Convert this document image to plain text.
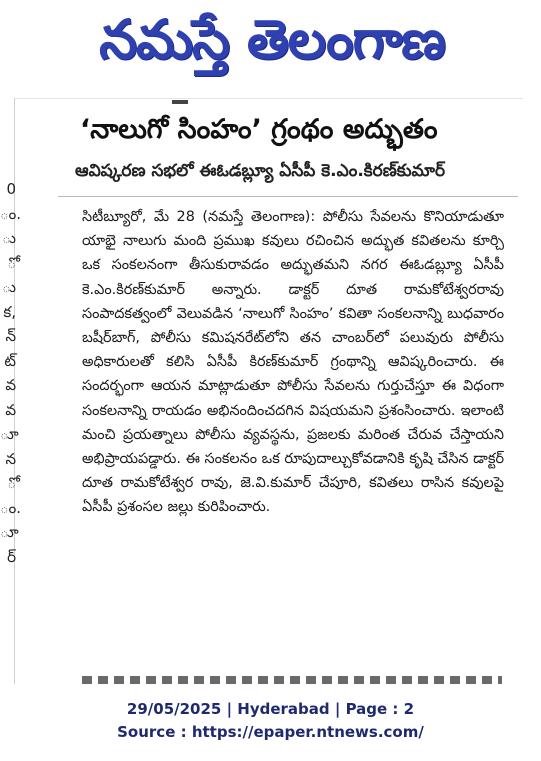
నమస్తే తెలంగాణ
0
ం.
ు
ో
ు
క,
న్
ట్
వ
వ
ూ
న
ో
ం.
ూ
ర్
‘నాలుగో సింహం’ గ్రంథం అద్భుతం
ఆవిష్కరణ సభలో ఈఓడబ్ల్యూ ఏసీపీ కె.ఎం.కిరణ్‌కుమార్

సిటీబ్యూరో, మే 28 (నమస్తే తెలంగాణ): పోలీసు సేవలను కొనియాడుతూ యాభై నాలుగు మంది ప్రముఖ కవులు రచించిన అద్భుత కవితలను కూర్చి ఒక సంకలనంగా తీసుకురావడం అద్భుతమని నగర ఈఓడబ్ల్యూ ఏసీపీ కె.ఎం.కిరణ్‌కుమార్ అన్నారు. డాక్టర్ దూత రామకోటేశ్వరరావు సంపాదకత్వంలో వెలువడిన ‘నాలుగో సింహం’ కవితా సంకలనాన్ని బుధవారం బషీర్‌బాగ్, పోలీసు కమిషనరేట్‌లోని తన చాంబర్‌లో పలువురు పోలీసు అధికారులతో కలిసి ఏసీపీ కిరణ్‌కుమార్ గ్రంథాన్ని ఆవిష్కరించారు. ఈ సందర్భంగా ఆయన మాట్లాడుతూ పోలీసు సేవలను గుర్తుచేస్తూ ఈ విధంగా సంకలనాన్ని రాయడం అభినందించదగిన విషయమని ప్రశంసించారు. ఇలాంటి మంచి ప్రయత్నాలు పోలీసు వ్యవస్థను, ప్రజలకు మరింత చేరువ చేస్తాయని అభిప్రాయపడ్డారు. ఈ సంకలనం ఒక రూపుదాల్చుకోవడానికి కృషి చేసిన డాక్టర్ దూత రామకోటేశ్వర రావు, జె.వి.కుమార్ చేపూరి, కవితలు రాసిన కవులపై ఏసీపీ ప్రశంసల జల్లు కురిపించారు.

29/05/2025 | Hyderabad | Page : 2
Source : https://epaper.ntnews.com/
